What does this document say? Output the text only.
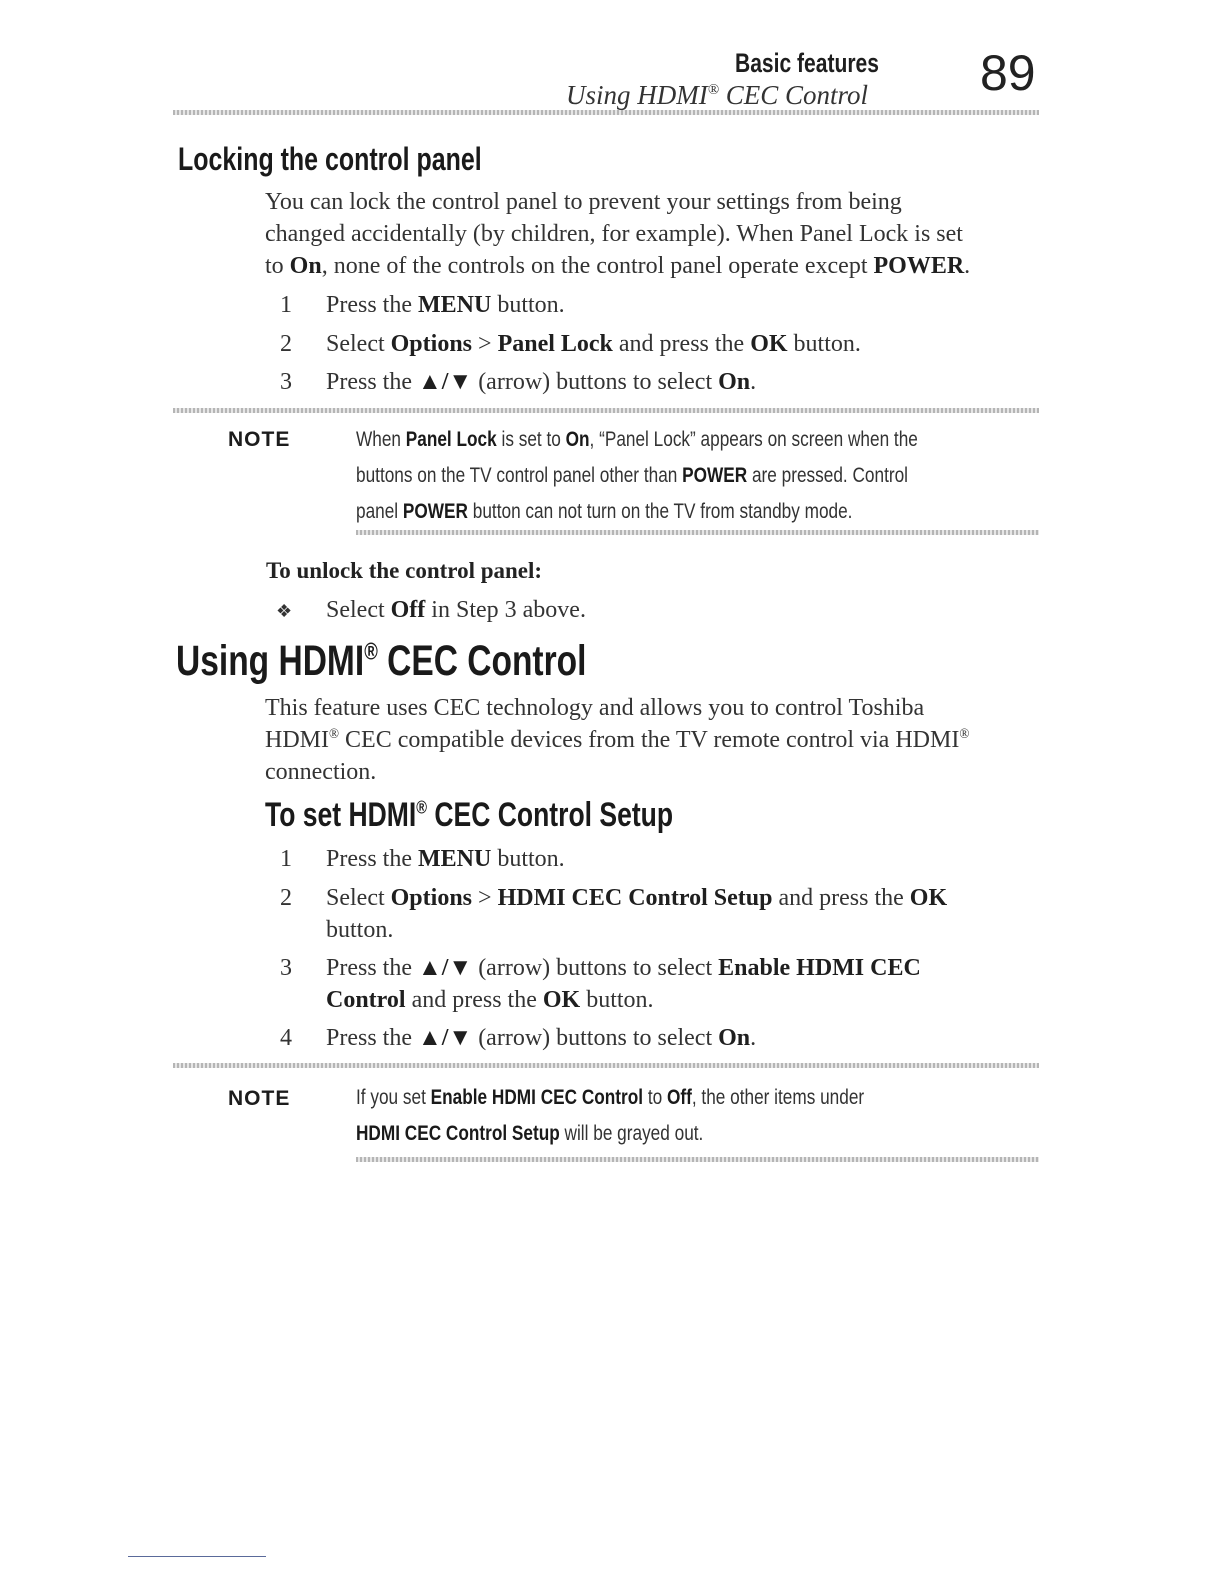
Basic features
Using HDMI® CEC Control 89
Locking the control panel
You can lock the control panel to prevent your settings from being
changed accidentally (by children, for example). When Panel Lock is set
to On, none of the controls on the control panel operate except POWER.
1 Press the MENU button.
2 Select Options > Panel Lock and press the OK button.
3 Press the ▲/▼ (arrow) buttons to select On.
NOTE	When Panel Lock is set to On, “Panel Lock” appears on screen when the
buttons on the TV control panel other than POWER are pressed. Control
panel POWER button can not turn on the TV from standby mode.
To unlock the control panel:
❖ Select Off in Step 3 above.
Using HDMI® CEC Control
This feature uses CEC technology and allows you to control Toshiba
HDMI® CEC compatible devices from the TV remote control via HDMI®
connection.
To set HDMI® CEC Control Setup
1 Press the MENU button.
2 Select Options > HDMI CEC Control Setup and press the OK
button.
3 Press the ▲/▼ (arrow) buttons to select Enable HDMI CEC
Control and press the OK button.
4 Press the ▲/▼ (arrow) buttons to select On.
NOTE	If you set Enable HDMI CEC Control to Off, the other items under
HDMI CEC Control Setup will be grayed out.
